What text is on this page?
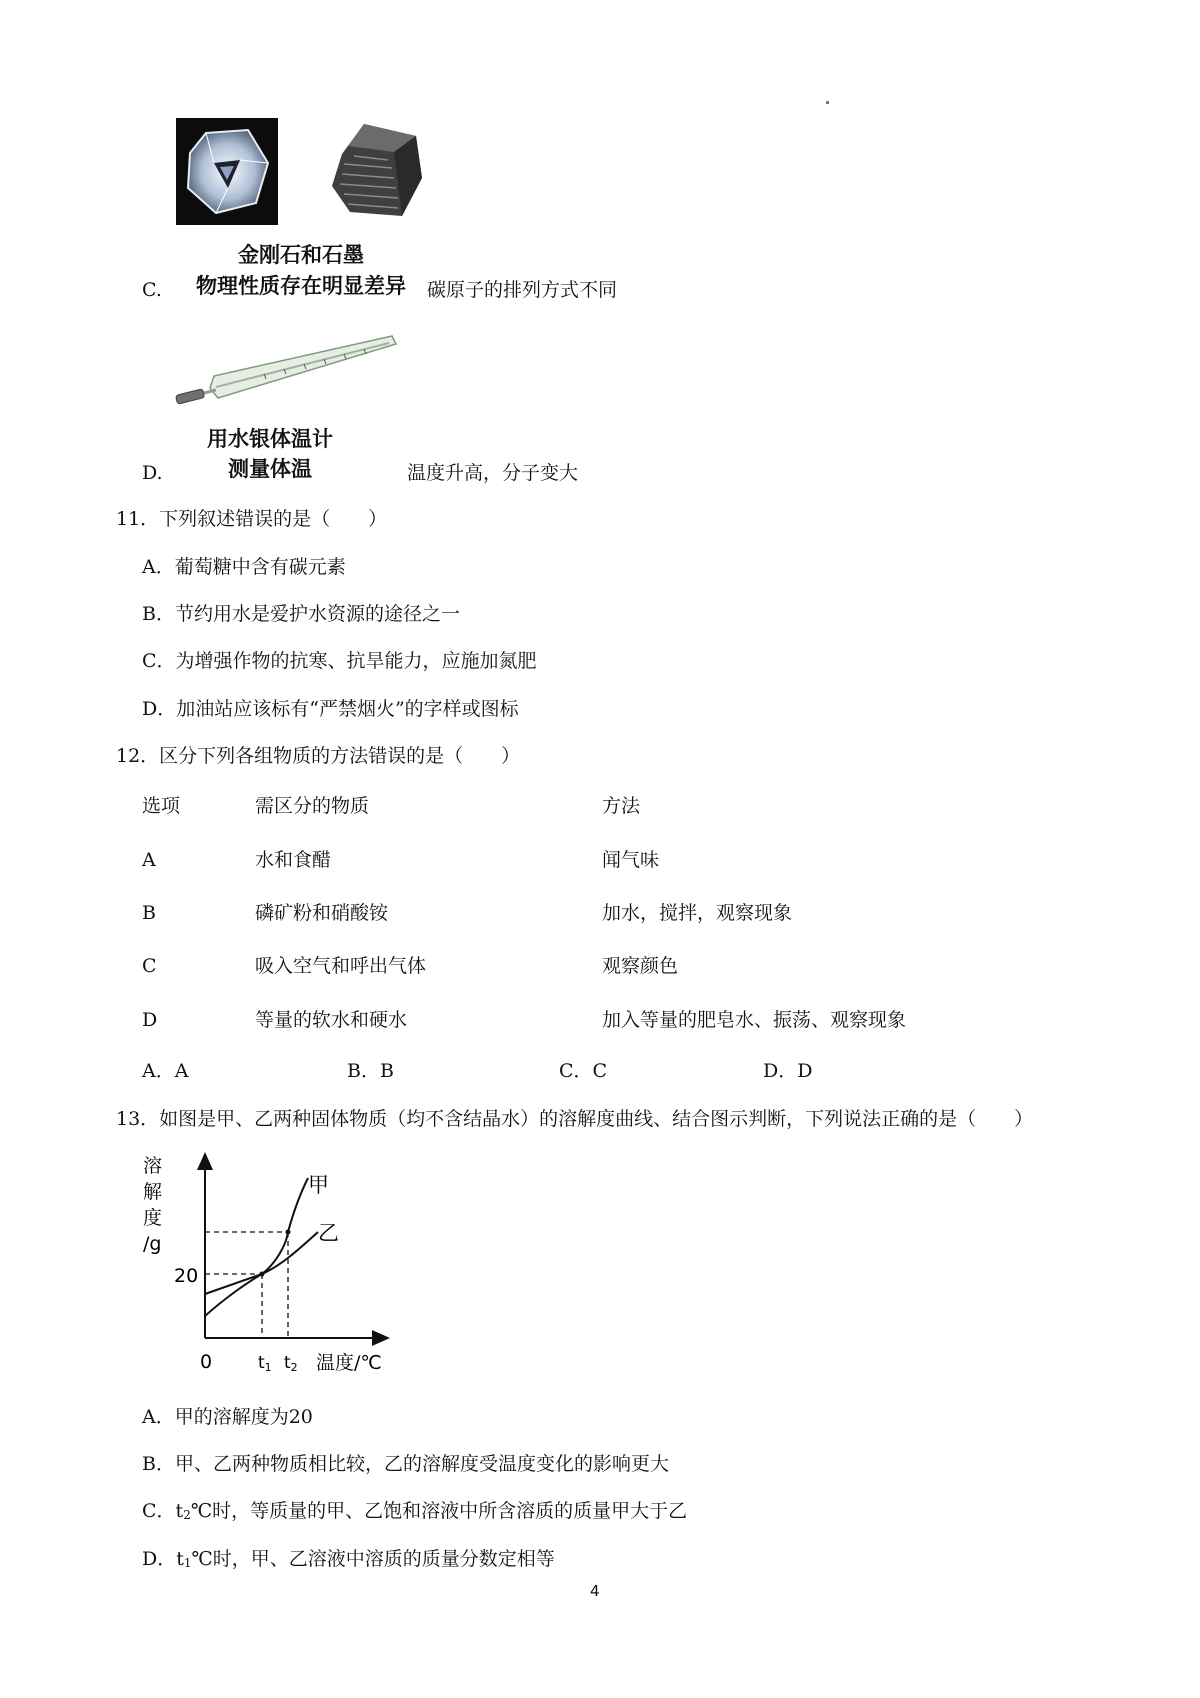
金刚石和石墨
C.	物理性质存在明显差异	碳原子的排列方式不同
用水银体温计
D.	测量体温	温度升高，分子变大
11．下列叙述错误的是（　　）
A．葡萄糖中含有碳元素
B．节约用水是爱护水资源的途径之一
C．为增强作物的抗寒、抗旱能力，应施加氮肥
D．加油站应该标有“严禁烟火”的字样或图标
12．区分下列各组物质的方法错误的是（　　）
选项	需区分的物质	方法
A	水和食醋	闻气味
B	磷矿粉和硝酸铵	加水，搅拌，观察现象
C	吸入空气和呼出气体	观察颜色
D	等量的软水和硬水	加入等量的肥皂水、振荡、观察现象
A．A	B．B	C．C	D．D
13．如图是甲、乙两种固体物质（均不含结晶水）的溶解度曲线、结合图示判断，下列说法正确的是（　　）
溶
解
度
/g
甲
乙
20
0	t1 t2 温度/℃
A．甲的溶解度为20
B．甲、乙两种物质相比较，乙的溶解度受温度变化的影响更大
C．$t_2℃$时，等质量的甲、乙饱和溶液中所含溶质的质量甲大于乙
D．$t_1℃$时，甲、乙溶液中溶质的质量分数定相等
4
